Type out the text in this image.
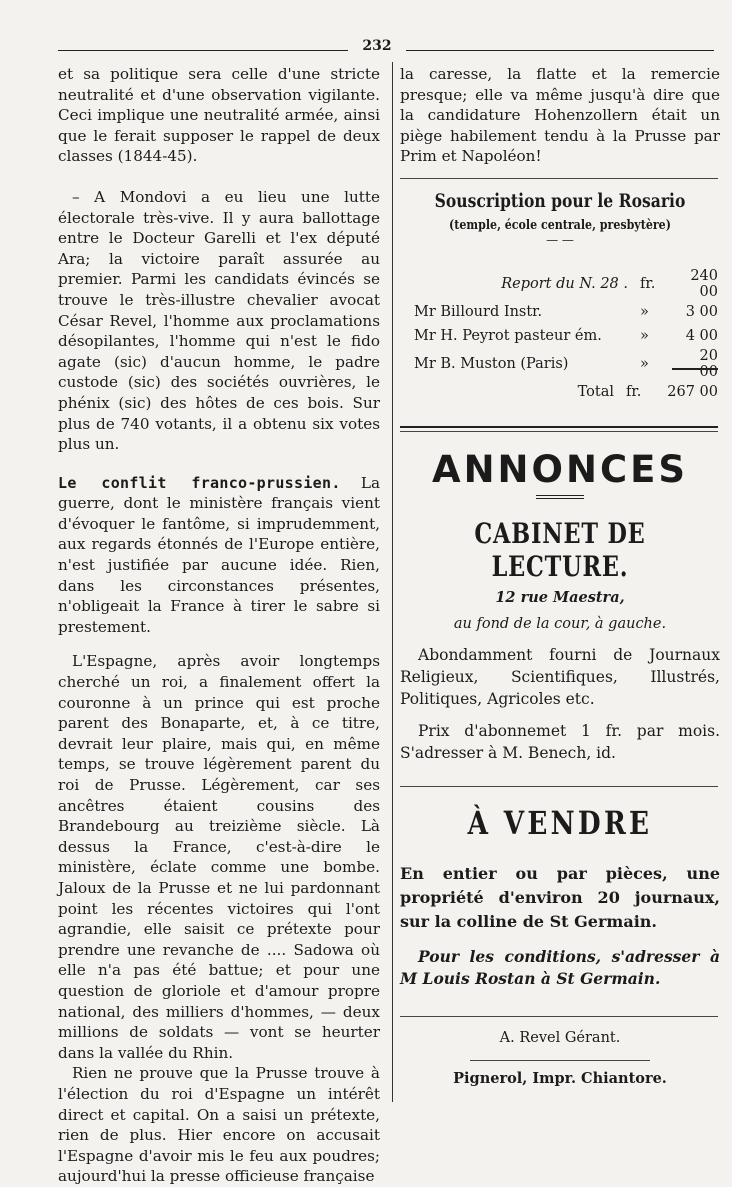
232

et sa politique sera celle d'une stricte neutralité et d'une observation vigilante. Ceci implique une neutralité armée, ainsi que le ferait supposer le rappel de deux classes (1844-45).

– A Mondovi a eu lieu une lutte électorale très-vive. Il y aura ballottage entre le Docteur Garelli et l'ex député Ara; la victoire paraît assurée au premier. Parmi les candidats évincés se trouve le très-illustre chevalier avocat César Revel, l'homme aux proclamations désopilantes, l'homme qui n'est le fido agate (sic) d'aucun homme, le padre custode (sic) des sociétés ouvrières, le phénix (sic) des hôtes de ces bois. Sur plus de 740 votants, il a obtenu six votes plus un.

Le conflit franco-prussien. La guerre, dont le ministère français vient d'évoquer le fantôme, si imprudemment, aux regards étonnés de l'Europe entière, n'est justifiée par aucune idée. Rien, dans les circonstances présentes, n'obligeait la France à tirer le sabre si prestement.

L'Espagne, après avoir longtemps cherché un roi, a finalement offert la couronne à un prince qui est proche parent des Bonaparte, et, à ce titre, devrait leur plaire, mais qui, en même temps, se trouve légèrement parent du roi de Prusse. Légèrement, car ses ancêtres étaient cousins des Brandebourg au treizième siècle. Là dessus la France, c'est-à-dire le ministère, éclate comme une bombe. Jaloux de la Prusse et ne lui pardonnant point les récentes victoires qui l'ont agrandie, elle saisit ce prétexte pour prendre une revanche de .... Sadowa où elle n'a pas été battue; et pour une question de gloriole et d'amour propre national, des milliers d'hommes, — deux millions de soldats — vont se heurter dans la vallée du Rhin.

Rien ne prouve que la Prusse trouve à l'élection du roi d'Espagne un intérêt direct et capital. On a saisi un prétexte, rien de plus. Hier encore on accusait l'Espagne d'avoir mis le feu aux poudres; aujourd'hui la presse officieuse française

la caresse, la flatte et la remercie presque; elle va même jusqu'à dire que la candidature Hohenzollern était un piège habilement tendu à la Prusse par Prim et Napoléon!

Souscription pour le Rosario
(temple, école centrale, presbytère)
— —
Report du N. 28 .	fr.	240 00
Mr Billourd Instr.	»	3 00
Mr H. Peyrot pasteur ém.	»	4 00
Mr B. Muston (Paris)	»	20 00
Total	fr.	267 00
ANNONCES
CABINET DE LECTURE.
12 rue Maestra,
au fond de la cour, à gauche.

Abondamment fourni de Journaux Religieux, Scientifiques, Illustrés, Politiques, Agricoles etc.

Prix d'abonnemet 1 fr. par mois. S'adresser à M. Benech, id.

À VENDRE

En entier ou par pièces, une propriété d'environ 20 journaux, sur la colline de St Germain.

Pour les conditions, s'adresser à M Louis Rostan à St Germain.

A. Revel Gérant.
Pignerol, Impr. Chiantore.
